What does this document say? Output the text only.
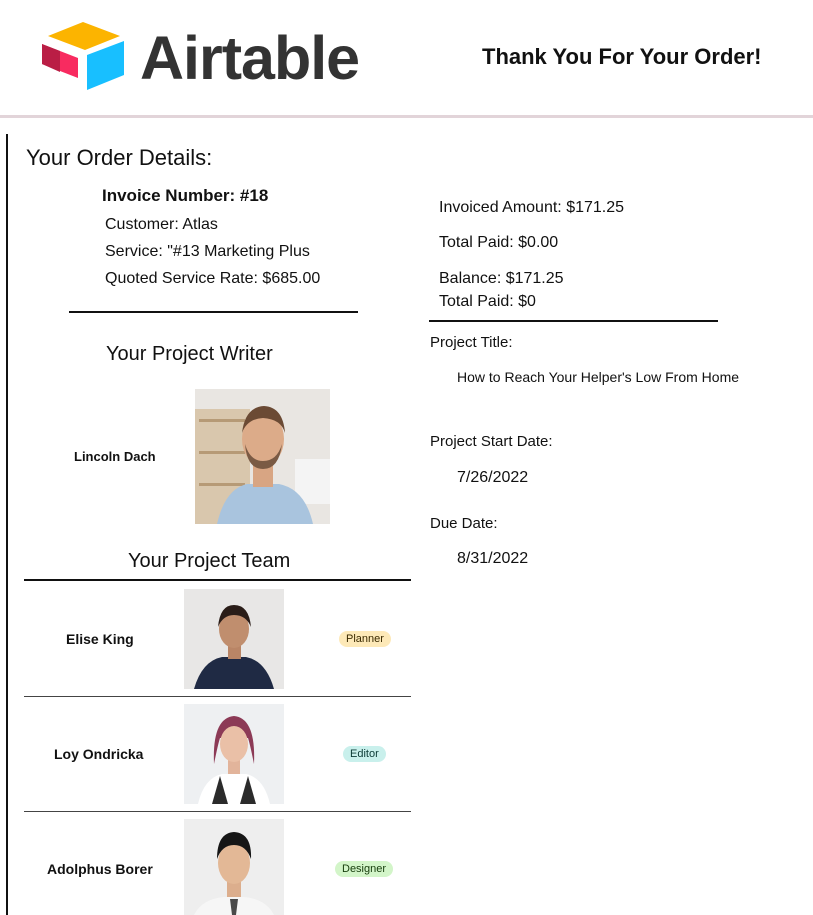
Airtable	Thank You For Your Order!
Your Order Details:
Invoice Number: #18
Customer: Atlas
Service: "#13 Marketing Plus
Quoted Service Rate: $685.00
Invoiced Amount: $171.25
Total Paid: $0.00
Balance: $171.25
Total Paid: $0
Your Project Writer
Lincoln Dach
Your Project Team
Elise King	Planner
Loy Ondricka	Editor
Adolphus Borer	Designer
Project Title:
How to Reach Your Helper's Low From Home
Project Start Date:
7/26/2022
Due Date:
8/31/2022
